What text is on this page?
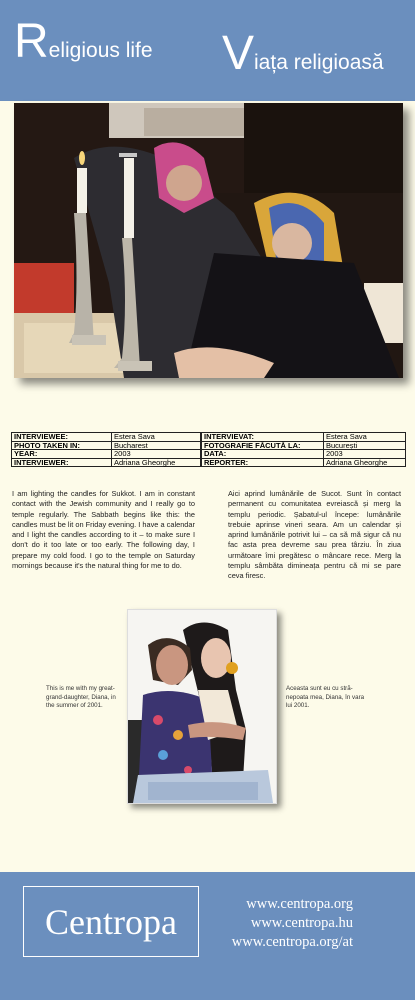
Religious life Viața religioasă
INTERVIEWEE:	Estera Sava
PHOTO TAKEN IN:	Bucharest
YEAR:	2003
INTERVIEWER:	Adriana Gheorghe
INTERVIEVAT:	Estera Sava
FOTOGRAFIE FĂCUTĂ LA:	București
DATA:	2003
REPORTER:	Adriana Gheorghe
I am lighting the candles for Sukkot. I am in constant contact with the Jewish community and I really go to temple regularly. The Sabbath begins like this: the candles must be lit on Friday evening. I have a calendar and I light the candles according to it – to make sure I don't do it too late or too early. The following day, I prepare my cold food. I go to the temple on Saturday mornings because it's the natural thing for me to do.
Aici aprind lumânările de Sucot. Sunt în contact permanent cu comunitatea evreiască și merg la templu periodic. Șabatul-ul începe: lumânările trebuie aprinse vineri seara. Am un calendar și aprind lumânările potrivit lui – ca să mă sigur că nu fac asta prea devreme sau prea târziu. În ziua următoare îmi pregătesc o mâncare rece. Merg la templu sâmbăta dimineața pentru că mi se pare ceva firesc.
This is me with my great-grand-daughter, Diana, in the summer of 2001.
Aceasta sunt eu cu stră-nepoata mea, Diana, în vara lui 2001.
Centropa	www.centropa.org
www.centropa.hu
www.centropa.org/at
